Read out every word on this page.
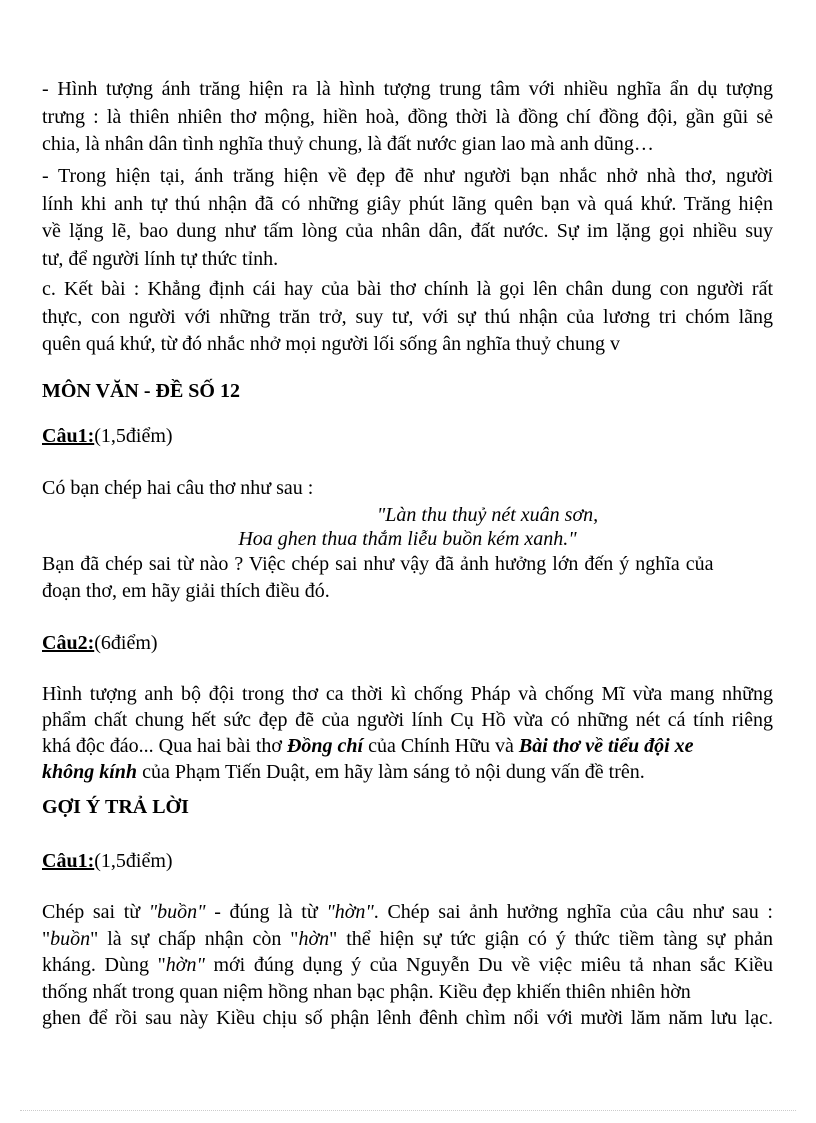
- Hình tượng ánh trăng hiện ra là hình tượng trung tâm với nhiều nghĩa ẩn dụ tượng
trưng : là thiên nhiên thơ mộng, hiền hoà, đồng thời là đồng chí đồng đội, gần gũi sẻ
chia, là nhân dân tình nghĩa thuỷ chung, là đất nước gian lao mà anh dũng…
- Trong hiện tại, ánh trăng hiện về đẹp đẽ như người bạn nhắc nhở nhà thơ, người
lính khi anh tự thú nhận đã có những giây phút lãng quên bạn và quá khứ. Trăng hiện
về lặng lẽ, bao dung như tấm lòng của nhân dân, đất nước. Sự im lặng gọi nhiều suy
tư, để người lính tự thức tỉnh.
c. Kết bài : Khẳng định cái hay của bài thơ chính là gọi lên chân dung con người rất
thực, con người với những trăn trở, suy tư, với sự thú nhận của lương tri chóm lãng
quên quá khứ, từ đó nhắc nhở mọi người lối sống ân nghĩa thuỷ chung v
MÔN VĂN - ĐỀ SỐ 12
Câu1:(1,5điểm)
Có bạn chép hai câu thơ như sau :
"Làn thu thuỷ nét xuân sơn,
Hoa ghen thua thắm liễu buồn kém xanh."
Bạn đã chép sai từ nào ? Việc chép sai như vậy đã ảnh hưởng lớn đến ý nghĩa của
đoạn thơ, em hãy giải thích điều đó.
Câu2:(6điểm)
Hình tượng anh bộ đội trong thơ ca thời kì chống Pháp và chống Mĩ vừa mang những
phẩm chất chung hết sức đẹp đẽ của người lính Cụ Hồ vừa có những nét cá tính riêng
khá độc đáo... Qua hai bài thơ Đồng chí của Chính Hữu và Bài thơ về tiểu đội xe
không kính của Phạm Tiến Duật, em hãy làm sáng tỏ nội dung vấn đề trên.
GỢI Ý TRẢ LỜI
Câu1:(1,5điểm)
Chép sai từ "buồn" - đúng là từ "hờn". Chép sai ảnh hưởng nghĩa của câu như sau :
"buồn" là sự chấp nhận còn "hờn" thể hiện sự tức giận có ý thức tiềm tàng sự phản
kháng. Dùng "hờn" mới đúng dụng ý của Nguyễn Du về việc miêu tả nhan sắc Kiều
thống nhất trong quan niệm hồng nhan bạc phận. Kiều đẹp khiến thiên nhiên hờn
ghen để rồi sau này Kiều chịu số phận lênh đênh chìm nổi với mười lăm năm lưu lạc.
